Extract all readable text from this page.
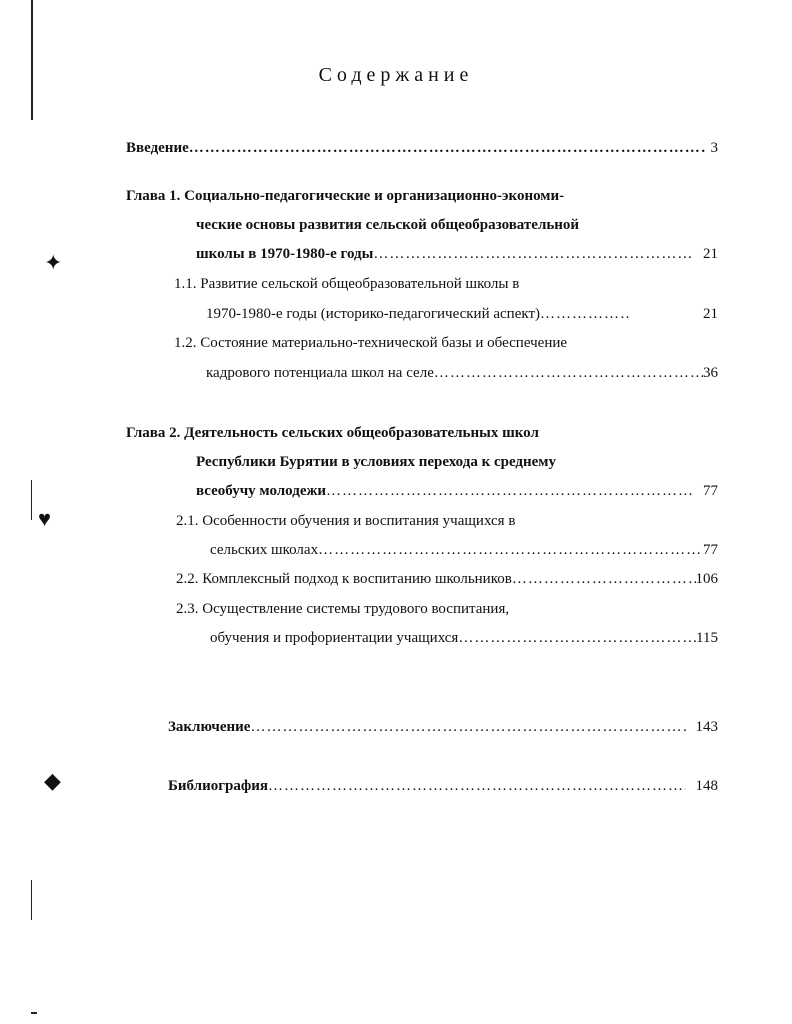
✦
♥
◆
Содержание
Введение ……………………………………………………………………………………………………………………………………………………………………	3
Глава 1. Социально-педагогические и организационно-экономи-
ческие основы развития сельской общеобразовательной
школы в 1970-1980-е годы ……………………………………………………………………………………………………………………………………………………………………	21
1.1. Развитие сельской общеобразовательной школы в
1970-1980-е годы (историко-педагогический аспект) ……………………………………………………………………………………………………………………………………………………………………	21
1.2. Состояние материально-технической базы и обеспечение
кадрового потенциала школ на селе ……………………………………………………………………………………………………………………………………………………………………	36
Глава 2. Деятельность сельских общеобразовательных школ
Республики Бурятии в условиях перехода к среднему
всеобучу молодежи ……………………………………………………………………………………………………………………………………………………………………	77
2.1. Особенности обучения и воспитания учащихся в
сельских школах ……………………………………………………………………………………………………………………………………………………………………	77
2.2. Комплексный подход к воспитанию школьников ……………………………………………………………………………………………………………………………………………………………………	106
2.3. Осуществление системы трудового воспитания,
обучения и профориентации учащихся ……………………………………………………………………………………………………………………………………………………………………	115
Заключение ……………………………………………………………………………………………………………………………………………………………………	143
Библиография ……………………………………………………………………………………………………………………………………………………………………	148
